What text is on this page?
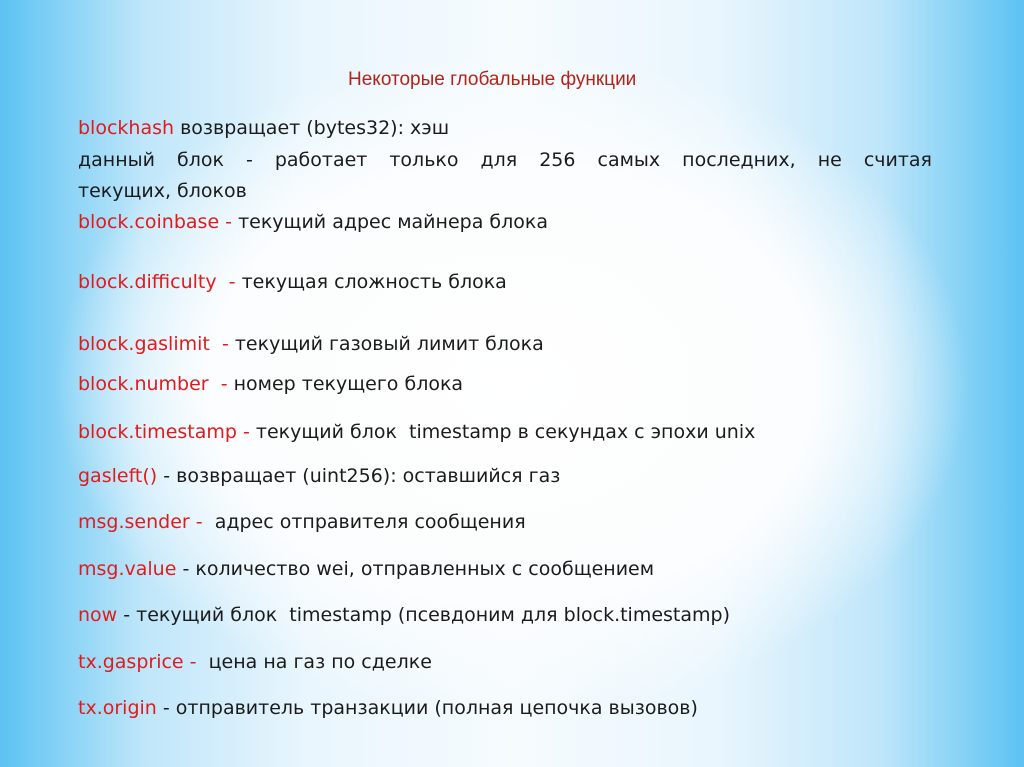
Некоторые глобальные функции
blockhash возвращает (bytes32): хэш
данный блок - работает только для 256 самых последних, не считая
текущих, блоков
block.coinbase - текущий адрес майнера блока
block.difficulty  - текущая сложность блока
block.gaslimit  - текущий газовый лимит блока
block.number  - номер текущего блока
block.timestamp - текущий блок  timestamp в секундах с эпохи unix
gasleft() - возвращает (uint256): оставшийся газ
msg.sender -  адрес отправителя сообщения
msg.value - количество wei, отправленных с сообщением
now - текущий блок  timestamp (псевдоним для block.timestamp)
tx.gasprice -  цена на газ по сделке
tx.origin - отправитель транзакции (полная цепочка вызовов)
